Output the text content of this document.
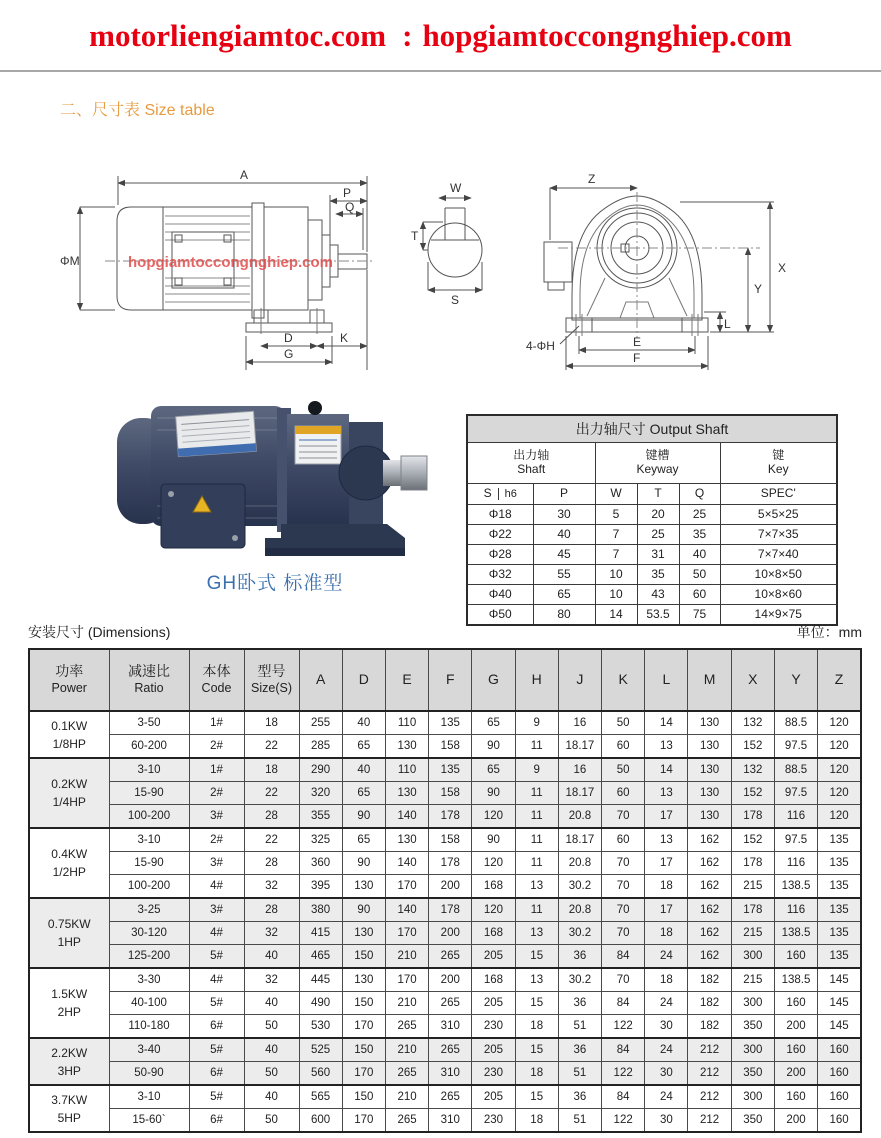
motorliengiamtoc.com : hopgiamtoccongnghiep.com
二、尺寸表 Size table
A
P
Q
ΦM
D	K
G
hopgiamtoccongnghiep.com
W
T
S
Z
X
Y
L
4-ΦH	E
F
GH卧式 标准型
出力轴尺寸 Output Shaft					

出力轴
Shaft

键槽
Keyway

键
Key

S h6	P	W	T	Q	SPEC'
Φ18	30	5	20	25	5×5×25
Φ22	40	7	25	35	7×7×35
Φ28	45	7	31	40	7×7×40
Φ32	55	10	35	50	10×8×50
Φ40	65	10	43	60	10×8×60
Φ50	80	14	53.5	75	14×9×75
安装尺寸 (Dimensions)	单位：mm
功率
Power

减速比
Ratio

本体
Code

型号
Size(S)
	A	D	E	F	G	H	J	K	L	M	X	Y	Z

0.1KW
1/8HP	3-50	1#	18	255	40	110	135	65	9	16	50	14	130	132	88.5	120
	60-200	2#	22	285	65	130	158	90	11	18.17	60	13	130	152	97.5	120

0.2KW
1/4HP	3-10	1#	18	290	40	110	135	65	9	16	50	14	130	132	88.5	120
	15-90	2#	22	320	65	130	158	90	11	18.17	60	13	130	152	97.5	120
	100-200	3#	28	355	90	140	178	120	11	20.8	70	17	130	178	116	120

0.4KW
1/2HP	3-10	2#	22	325	65	130	158	90	11	18.17	60	13	162	152	97.5	135
	15-90	3#	28	360	90	140	178	120	11	20.8	70	17	162	178	116	135
	100-200	4#	32	395	130	170	200	168	13	30.2	70	18	162	215	138.5	135

0.75KW
1HP	3-25	3#	28	380	90	140	178	120	11	20.8	70	17	162	178	116	135
	30-120	4#	32	415	130	170	200	168	13	30.2	70	18	162	215	138.5	135
	125-200	5#	40	465	150	210	265	205	15	36	84	24	162	300	160	135

1.5KW
2HP	3-30	4#	32	445	130	170	200	168	13	30.2	70	18	182	215	138.5	145
	40-100	5#	40	490	150	210	265	205	15	36	84	24	182	300	160	145
	110-180	6#	50	530	170	265	310	230	18	51	122	30	182	350	200	145

2.2KW
3HP	3-40	5#	40	525	150	210	265	205	15	36	84	24	212	300	160	160
	50-90	6#	50	560	170	265	310	230	18	51	122	30	212	350	200	160

3.7KW
5HP	3-10	5#	40	565	150	210	265	205	15	36	84	24	212	300	160	160
	15-60`	6#	50	600	170	265	310	230	18	51	122	30	212	350	200	160
